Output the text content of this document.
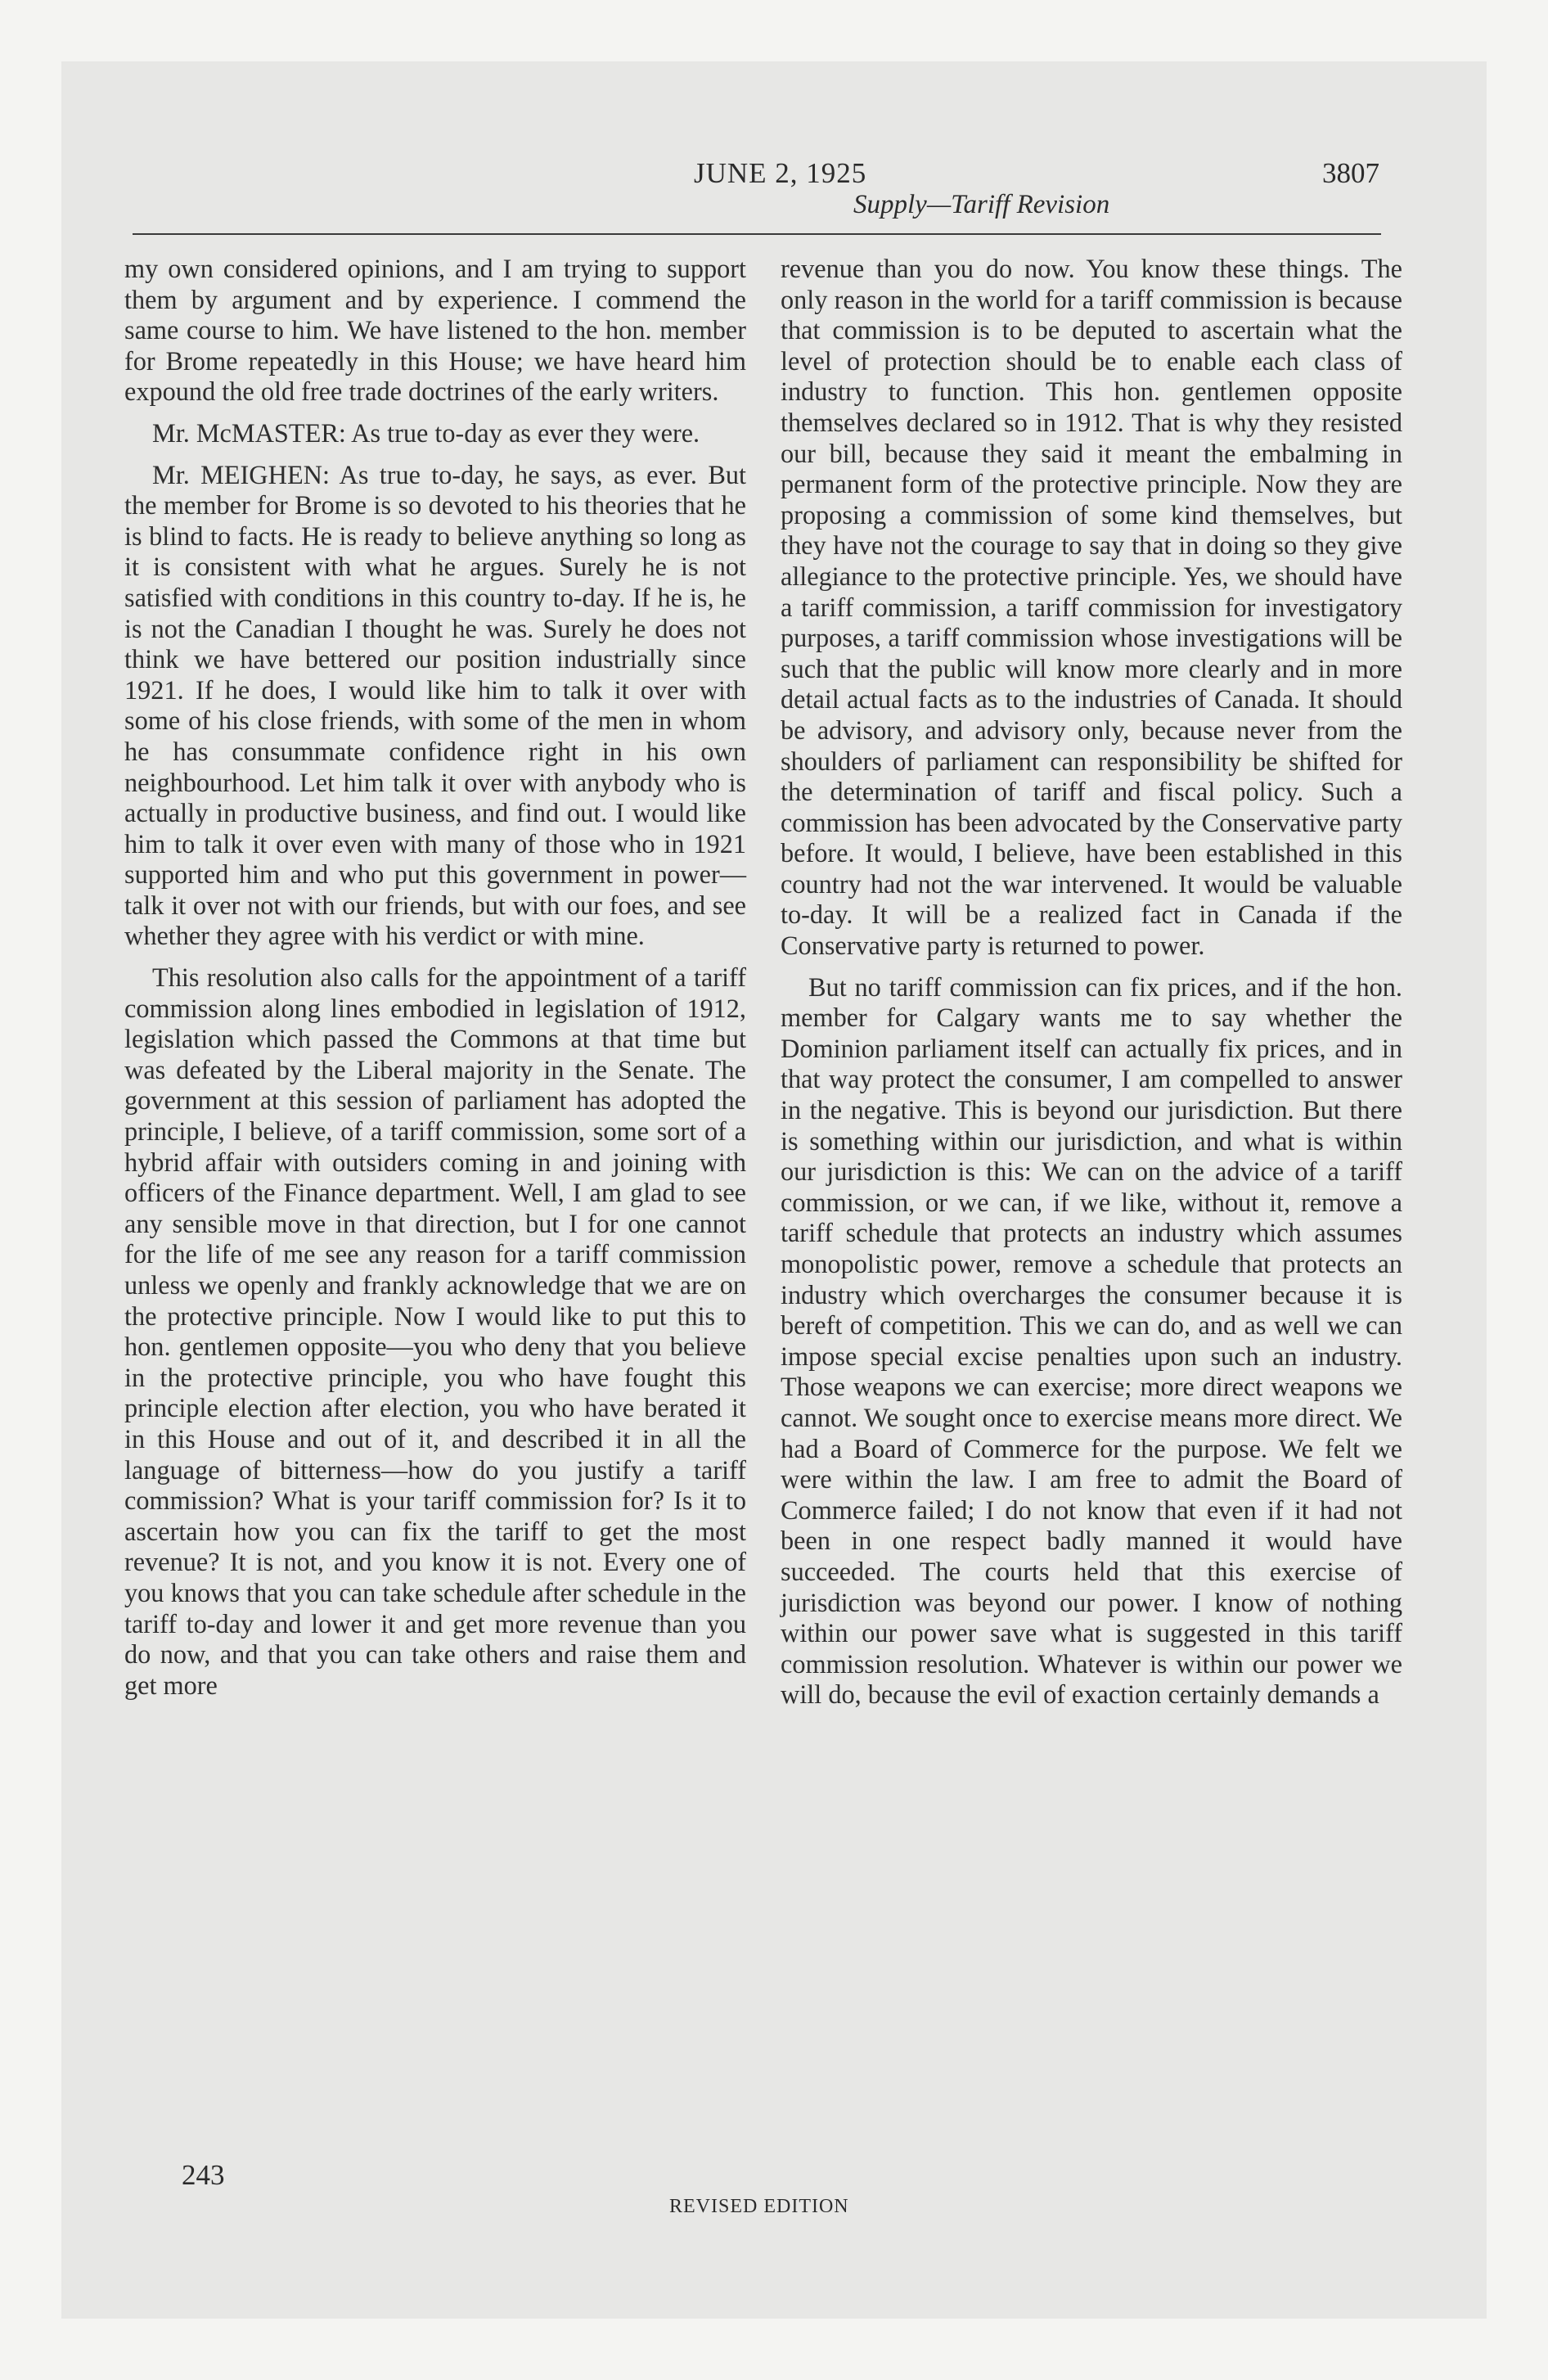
JUNE 2, 1925	3807
Supply—Tariff Revision

my own considered opinions, and I am trying to support them by argument and by experience. I commend the same course to him. We have listened to the hon. member for Brome repeatedly in this House; we have heard him expound the old free trade doctrines of the early writers.

Mr. McMASTER: As true to-day as ever they were.

Mr. MEIGHEN: As true to-day, he says, as ever. But the member for Brome is so devoted to his theories that he is blind to facts. He is ready to believe anything so long as it is consistent with what he argues. Surely he is not satisfied with conditions in this country to-day. If he is, he is not the Canadian I thought he was. Surely he does not think we have bettered our position industrially since 1921. If he does, I would like him to talk it over with some of his close friends, with some of the men in whom he has consummate confidence right in his own neighbourhood. Let him talk it over with anybody who is actually in productive business, and find out. I would like him to talk it over even with many of those who in 1921 supported him and who put this government in power—talk it over not with our friends, but with our foes, and see whether they agree with his verdict or with mine.

This resolution also calls for the appointment of a tariff commission along lines embodied in legislation of 1912, legislation which passed the Commons at that time but was defeated by the Liberal majority in the Senate. The government at this session of parliament has adopted the principle, I believe, of a tariff commission, some sort of a hybrid affair with outsiders coming in and joining with officers of the Finance department. Well, I am glad to see any sensible move in that direction, but I for one cannot for the life of me see any reason for a tariff commission unless we openly and frankly acknowledge that we are on the protective principle. Now I would like to put this to hon. gentlemen opposite—you who deny that you believe in the protective principle, you who have fought this principle election after election, you who have berated it in this House and out of it, and described it in all the language of bitterness—how do you justify a tariff commission? What is your tariff commission for? Is it to ascertain how you can fix the tariff to get the most revenue? It is not, and you know it is not. Every one of you knows that you can take schedule after schedule in the tariff to-day and lower it and get more revenue than you do now, and that you can take others and raise them and get more

revenue than you do now. You know these things. The only reason in the world for a tariff commission is because that commission is to be deputed to ascertain what the level of protection should be to enable each class of industry to function. This hon. gentlemen opposite themselves declared so in 1912. That is why they resisted our bill, because they said it meant the embalming in permanent form of the protective principle. Now they are proposing a commission of some kind themselves, but they have not the courage to say that in doing so they give allegiance to the protective principle. Yes, we should have a tariff commission, a tariff commission for investigatory purposes, a tariff commission whose investigations will be such that the public will know more clearly and in more detail actual facts as to the industries of Canada. It should be advisory, and advisory only, because never from the shoulders of parliament can responsibility be shifted for the determination of tariff and fiscal policy. Such a commission has been advocated by the Conservative party before. It would, I believe, have been established in this country had not the war intervened. It would be valuable to-day. It will be a realized fact in Canada if the Conservative party is returned to power.

But no tariff commission can fix prices, and if the hon. member for Calgary wants me to say whether the Dominion parliament itself can actually fix prices, and in that way protect the consumer, I am compelled to answer in the negative. This is beyond our jurisdiction. But there is something within our jurisdiction, and what is within our jurisdiction is this: We can on the advice of a tariff commission, or we can, if we like, without it, remove a tariff schedule that protects an industry which assumes monopolistic power, remove a schedule that protects an industry which overcharges the consumer because it is bereft of competition. This we can do, and as well we can impose special excise penalties upon such an industry. Those weapons we can exercise; more direct weapons we cannot. We sought once to exercise means more direct. We had a Board of Commerce for the purpose. We felt we were within the law. I am free to admit the Board of Commerce failed; I do not know that even if it had not been in one respect badly manned it would have succeeded. The courts held that this exercise of jurisdiction was beyond our power. I know of nothing within our power save what is suggested in this tariff commission resolution. Whatever is within our power we will do, because the evil of exaction certainly demands a

243
REVISED EDITION
